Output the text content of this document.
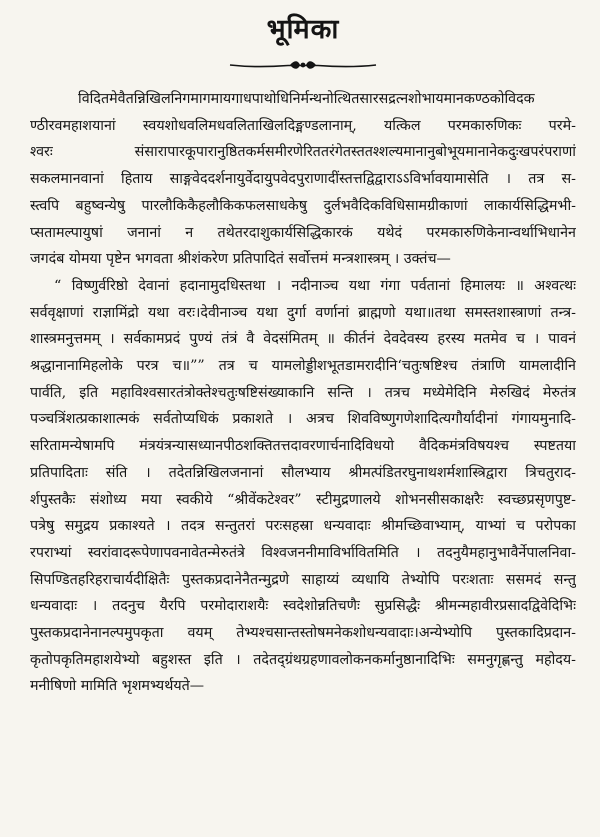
भूमिका
विदितमेवैतन्निखिलनिगमागमायगाधपाथोधिनिर्मन्थनोत्थितसारसद्रत्नशोभायमानकण्ठकोविदक
ण्ठीरवमहाशयानां स्वयशोधवलिमधवलिताखिलदिङ्मण्डलानाम्, यत्किल परमकारुणिकः परमे-
श्वरः संसारापारकूपारानुष्ठितकर्मसमीरणेरिततरंगेतस्ततश्शल्यमानानुबोभूयमानानेकदुःखपरंपराणां
सकलमानवानां हिताय साङ्गवेददर्शनायुर्वेदायुपवेदपुराणादींस्तत्तद्विद्वाराऽऽविर्भावयामासेति । तत्र स-
स्त्वपि बहुष्वन्येषु पारलौकिकैहलौकिकफलसाधकेषु दुर्लभवैदिकविधिसामग्रीकाणां लाकार्यसिद्धिमभी-
प्सतामल्पायुषां जनानां न तथेतरदाशुकार्यसिद्धिकारकं यथेदं परमकारुणिकेनान्वर्थाभिधानेन
जगदंब योमया पृष्टेन भगवता श्रीशंकरेण प्रतिपादितं सर्वोत्तमं मन्त्रशास्त्रम् । उक्तंच—
“ विष्णुर्वरिष्ठो देवानां हदानामुदधिस्तथा । नदीनाञ्च यथा गंगा पर्वतानां हिमालयः ॥ अश्वत्थः
सर्ववृक्षाणां राज्ञामिंद्रो यथा वरः।देवीनाञ्च यथा दुर्गा वर्णानां ब्राह्मणो यथा॥तथा समस्तशास्त्राणां तन्त्र-
शास्त्रमनुत्तमम् । सर्वकामप्रदं पुण्यं तंत्रं वै वेदसंमितम् ॥ कीर्तनं देवदेवस्य हरस्य मतमेव च । पावनं
श्रद्धानानामिहलोके परत्र च॥”” तत्र च यामलोड्डीशभूतडामरादीनि‘चतुःषष्टिश्च तंत्राणि यामलादीनि
पार्वति, इति महाविश्वसारतंत्रोक्तेश्चतुःषष्टिसंख्याकानि सन्ति । तत्रच मध्येमेदिनि मेरुखिदं मेरुतंत्र
पञ्चत्रिंशत्प्रकाशात्मकं सर्वतोप्यधिकं प्रकाशते । अत्रच शिवविष्णुगणेशादित्यगौर्यादीनां गंगायमुनादि-
सरितामन्येषामपि मंत्रयंत्रन्यासध्यानपीठशक्तितत्तदावरणार्चनादिविधयो वैदिकमंत्रविषयश्च स्पष्टतया
प्रतिपादिताः संति । तदेतन्निखिलजनानां सौलभ्याय श्रीमत्पंडितरघुनाथशर्मशास्त्रिद्वारा त्रिचतुराद-
र्शपुस्तकैः संशोध्य मया स्वकीये “श्रीवेंकटेश्वर” स्टीमुद्रणालये शोभनसीसकाक्षरैः स्वच्छप्रसृणपुष्ट-
पत्रेषु समुद्रय प्रकाश्यते । तदत्र सन्तुतरां परःसहस्रा धन्यवादाः श्रीमच्छिवाभ्याम्, याभ्यां च परोपका
रपराभ्यां स्वरांवादरूपेणापवनावेतन्मेरुतंत्रे विश्वजननीमाविर्भावितमिति । तदनुयैमहानुभावैर्नेपालनिवा-
सिपण्डितहरिहराचार्यदीक्षितैः पुस्तकप्रदानेनैतन्मुद्रणे साहाय्यं व्यधायि तेभ्योपि परःशताः ससमदं सन्तु
धन्यवादाः । तदनुच यैरपि परमोदाराशयैः स्वदेशोन्नतिचणैः सुप्रसिद्धैः श्रीमन्महावीरप्रसादद्विवेदिभिः
पुस्तकप्रदानेनानल्पमुपकृता वयम् तेभ्यश्चसान्तस्तोषमनेकशोधन्यवादाः।अन्येभ्योपि पुस्तकादिप्रदान-
कृतोपकृतिमहाशयेभ्यो बहुशस्त इति । तदेतद्ग्रंथग्रहणावलोकनकर्मानुष्ठानादिभिः समनुगृह्णन्तु महोदय-
मनीषिणो मामिति भृशमभ्यर्थयते—
